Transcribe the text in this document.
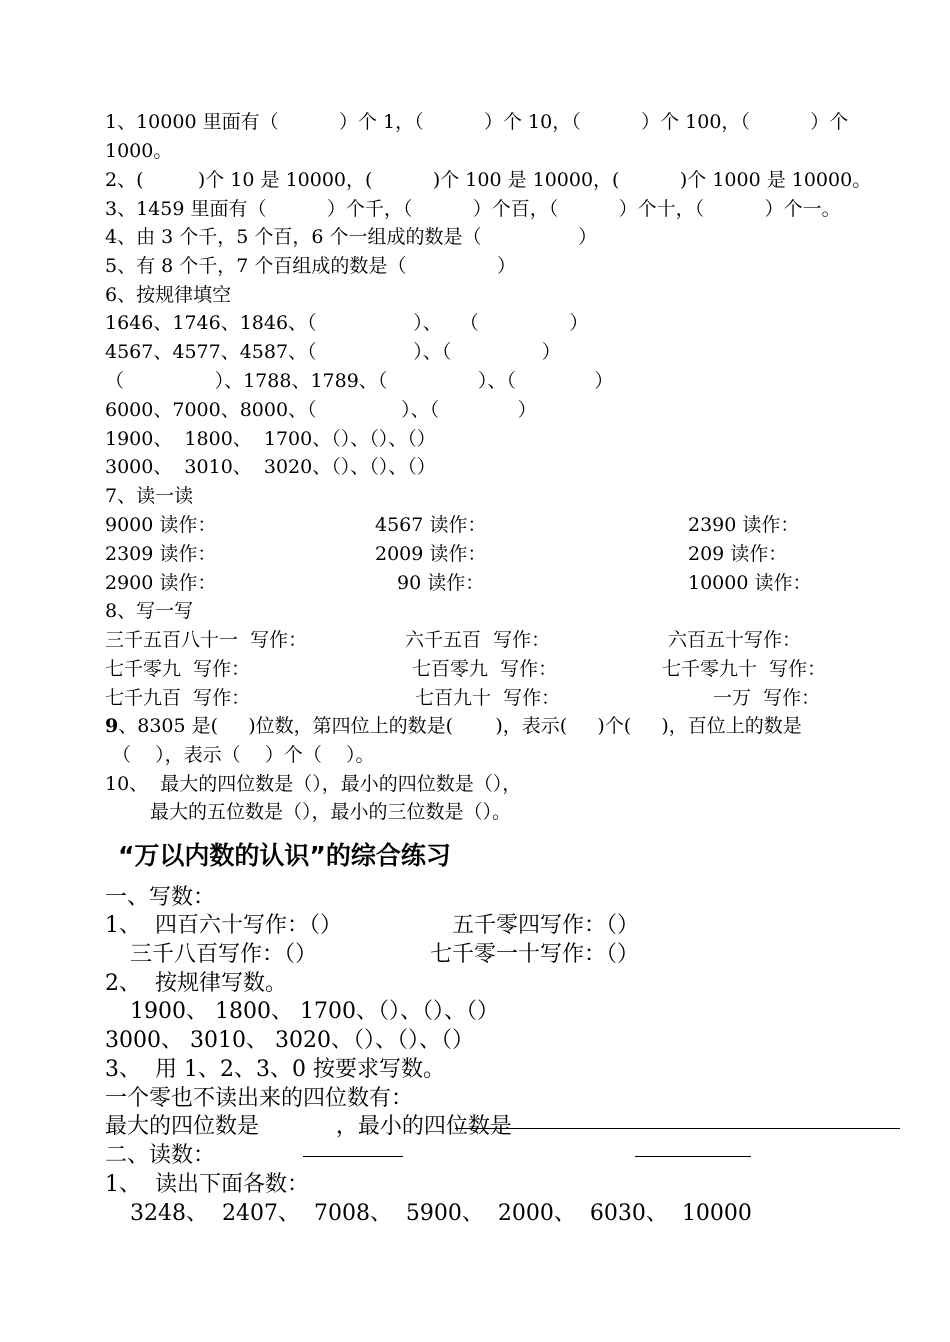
1、10000 里面有（          ）个 1，（          ）个 10，（          ）个 100，（          ）个
1000。
2、(         )个 10 是 10000，(          )个 100 是 10000，(          )个 1000 是 10000。
3、1459 里面有（          ）个千，（          ）个百，（          ）个十，（          ）个一。
4、由 3 个千，5 个百，6 个一组成的数是（                ）
5、有 8 个千，7 个百组成的数是（               ）
6、按规律填空
1646、1746、1846、（                ）、   （               ）
4567、4577、4587、（                ）、（               ）
（               ）、1788、1789、（               ）、（             ）
6000、7000、8000、（              ）、（             ）
1900、  1800、  1700、（）、（）、（）
3000、  3010、  3020、（）、（）、（）
7、读一读
9000 读作：	4567 读作：	2390 读作：
2309 读作：	2009 读作：	209 读作：
2900 读作：	90 读作：	10000 读作：
8、写一写
三千五百八十一  写作：	六千五百  写作：	六百五十写作：
七千零九  写作：	七百零九  写作：	七千零九十  写作：
七千九百  写作：	七百九十  写作：	一万  写作：
9、8305 是(     )位数，第四位上的数是(       )，表示(     )个(     )，百位上的数是
（    ），表示（    ）个（    ）。
10、  最大的四位数是（），最小的四位数是（），
最大的五位数是（），最小的三位数是（）。
“万以内数的认识”的综合练习
一、写数：
1、  四百六十写作：（）	五千零四写作：（）
三千八百写作：（）	七千零一十写作：（）
2、  按规律写数。
1900、 1800、 1700、（）、（）、（）
3000、 3010、 3020、（）、（）、（）
3、  用 1、2、3、0 按要求写数。
一个零也不读出来的四位数有：
最大的四位数是           ，最小的四位数是
二、读数：
1、  读出下面各数：
3248、  2407、  7008、  5900、  2000、  6030、  10000
